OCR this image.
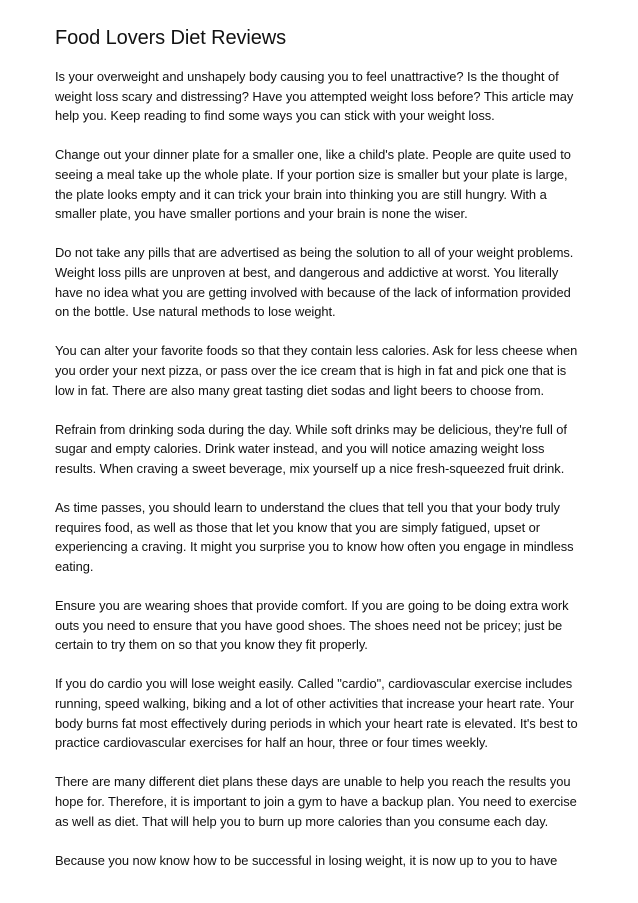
Food Lovers Diet Reviews

Is your overweight and unshapely body causing you to feel unattractive? Is the thought of weight loss scary and distressing? Have you attempted weight loss before? This article may help you. Keep reading to find some ways you can stick with your weight loss.

Change out your dinner plate for a smaller one, like a child's plate. People are quite used to seeing a meal take up the whole plate. If your portion size is smaller but your plate is large, the plate looks empty and it can trick your brain into thinking you are still hungry. With a smaller plate, you have smaller portions and your brain is none the wiser.

Do not take any pills that are advertised as being the solution to all of your weight problems. Weight loss pills are unproven at best, and dangerous and addictive at worst. You literally have no idea what you are getting involved with because of the lack of information provided on the bottle. Use natural methods to lose weight.

You can alter your favorite foods so that they contain less calories. Ask for less cheese when you order your next pizza, or pass over the ice cream that is high in fat and pick one that is low in fat. There are also many great tasting diet sodas and light beers to choose from.

Refrain from drinking soda during the day. While soft drinks may be delicious, they're full of sugar and empty calories. Drink water instead, and you will notice amazing weight loss results. When craving a sweet beverage, mix yourself up a nice fresh-squeezed fruit drink.

As time passes, you should learn to understand the clues that tell you that your body truly requires food, as well as those that let you know that you are simply fatigued, upset or experiencing a craving. It might you surprise you to know how often you engage in mindless eating.

Ensure you are wearing shoes that provide comfort. If you are going to be doing extra work outs you need to ensure that you have good shoes. The shoes need not be pricey; just be certain to try them on so that you know they fit properly.

If you do cardio you will lose weight easily. Called "cardio", cardiovascular exercise includes running, speed walking, biking and a lot of other activities that increase your heart rate. Your body burns fat most effectively during periods in which your heart rate is elevated. It's best to practice cardiovascular exercises for half an hour, three or four times weekly.

There are many different diet plans these days are unable to help you reach the results you hope for. Therefore, it is important to join a gym to have a backup plan. You need to exercise as well as diet. That will help you to burn up more calories than you consume each day.

Because you now know how to be successful in losing weight, it is now up to you to have
